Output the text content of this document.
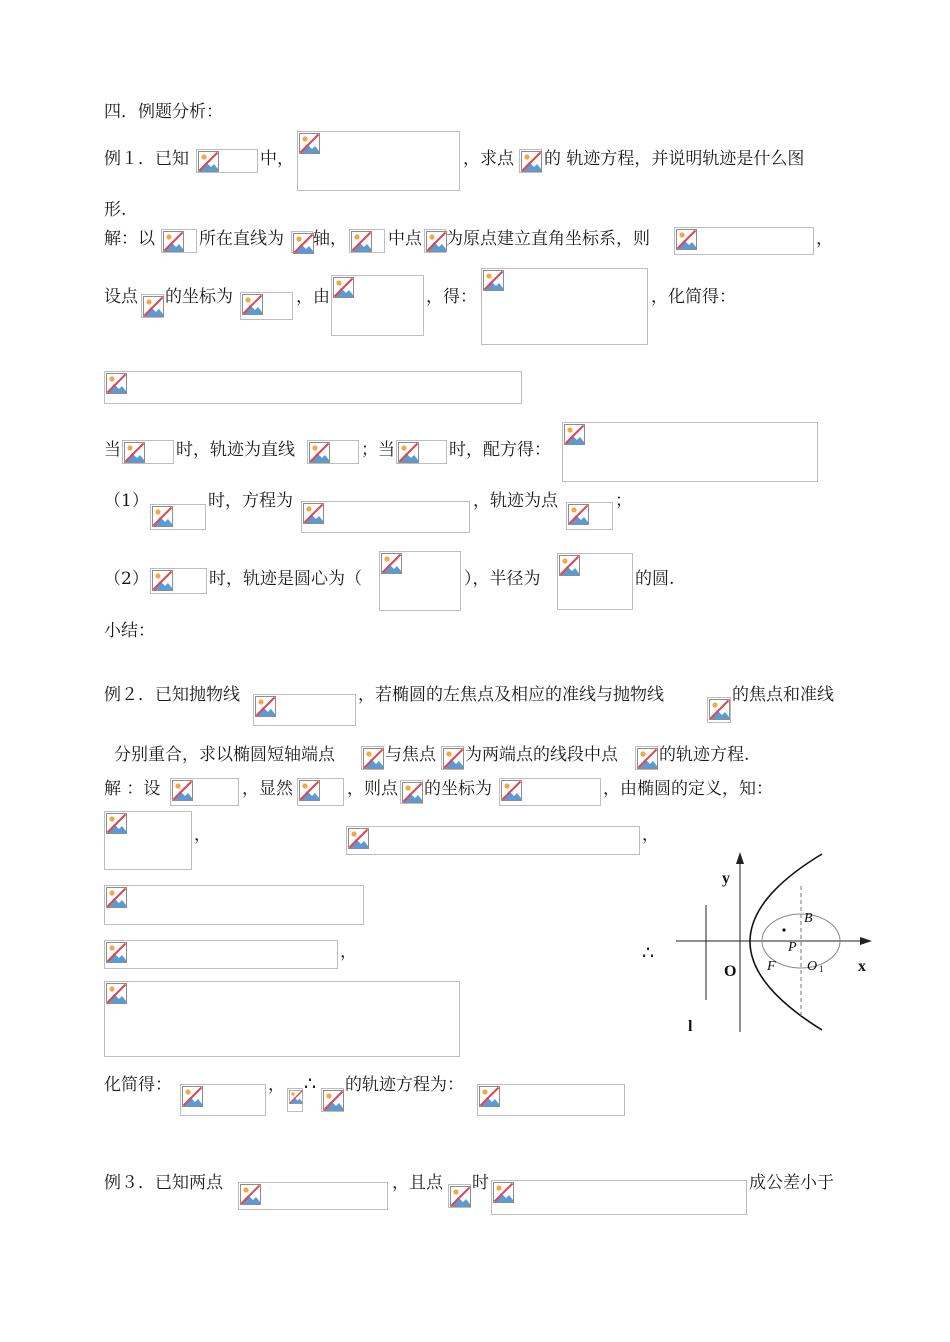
四．例题分析：
例１．已知	中，	，求点 的 轨迹方程，并说明轨迹是什么图
形.
解：以	所在直线为 轴， 中点 为原点建立直角坐标系，则	，
设点 的坐标为	，由	，得：	，化简得：
当	时，轨迹为直线	；当	时，配方得：
（1）	时，方程为	，轨迹为点	；
（2）	时，轨迹是圆心为（	），半径为	的圆.
小结：
例２．已知抛物线	，若椭圆的左焦点及相应的准线与抛物线	的焦点和准线
分别重合，求以椭圆短轴端点	与焦点 为两端点的线段中点 的轨迹方程.
解 ：设	，显然	，则点 的坐标为	，由椭圆的定义，知：
，	，
，	∴
化简得：	， ∴ 的轨迹方程为：
y
x
O
l
B
P
F O 1
例３．已知两点	，且点 时	成公差小于
